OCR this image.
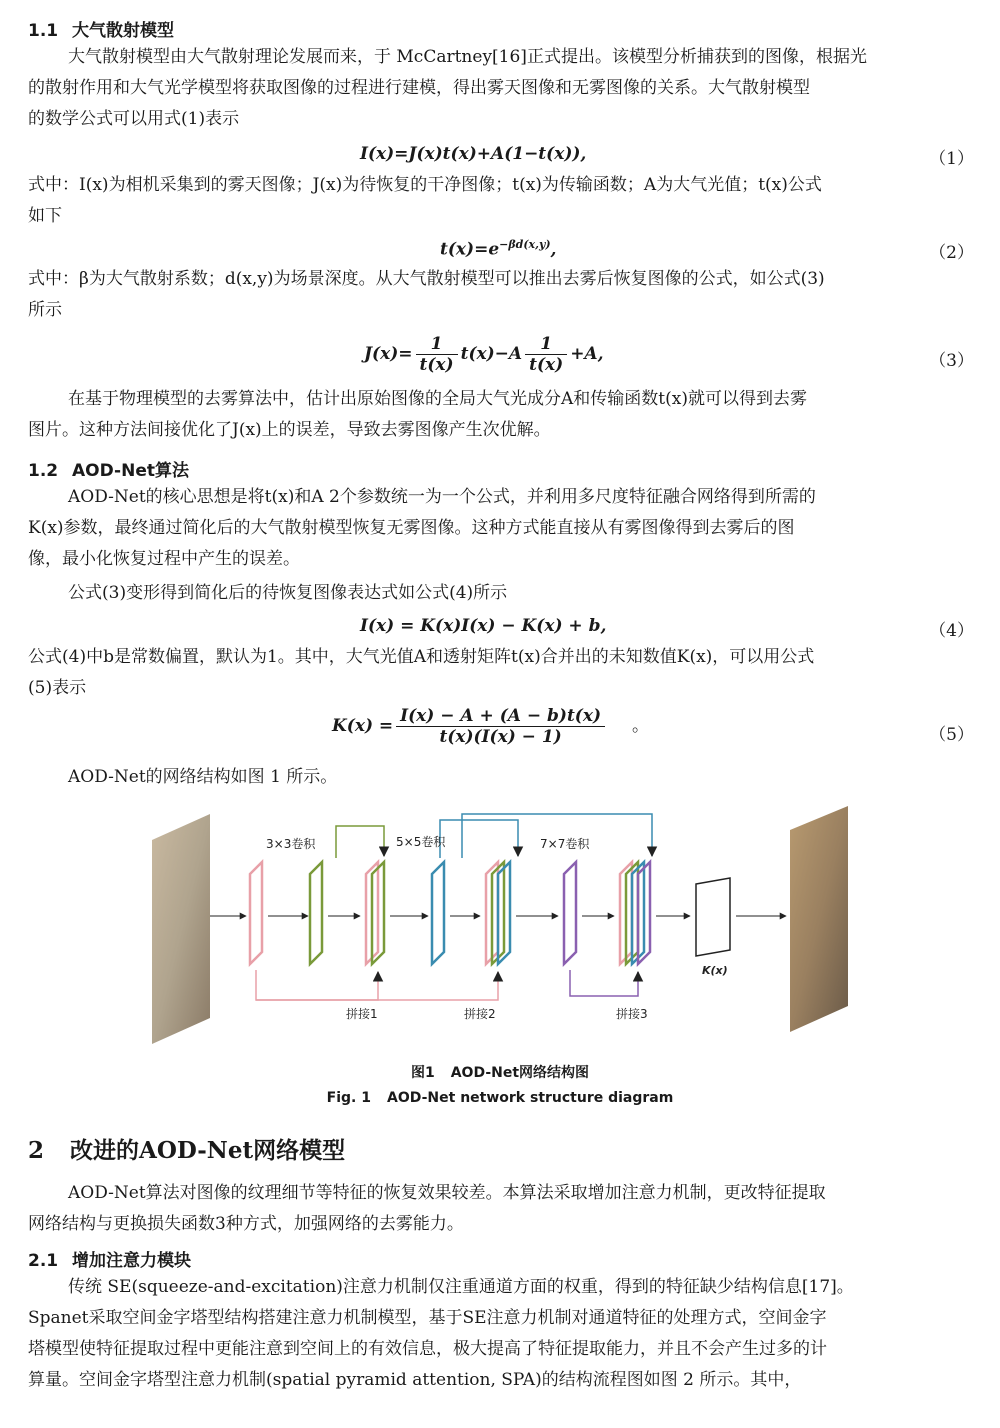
1.1 大气散射模型
大气散射模型由大气散射理论发展而来，于 McCartney[16]正式提出。该模型分析捕获到的图像，根据光
的散射作用和大气光学模型将获取图像的过程进行建模，得出雾天图像和无雾图像的关系。大气散射模型
的数学公式可以用式(1)表示
I(x)=J(x)t(x)+A(1−t(x)),	（1）
式中：I(x)为相机采集到的雾天图像；J(x)为待恢复的干净图像；t(x)为传输函数；A为大气光值；t(x)公式
如下
$t(x)=e^{-\beta d(x,y)}$,	（2）
式中：β为大气散射系数；d(x,y)为场景深度。从大气散射模型可以推出去雾后恢复图像的公式，如公式(3)
所示
$J(x)= \frac{1}{t(x)} t(x)-A \frac{1}{t(x)} +A$,	（3）
在基于物理模型的去雾算法中，估计出原始图像的全局大气光成分A和传输函数t(x)就可以得到去雾
图片。这种方法间接优化了J(x)上的误差，导致去雾图像产生次优解。
1.2 AOD-Net算法
AOD-Net的核心思想是将t(x)和A 2个参数统一为一个公式，并利用多尺度特征融合网络得到所需的
K(x)参数，最终通过简化后的大气散射模型恢复无雾图像。这种方式能直接从有雾图像得到去雾后的图
像，最小化恢复过程中产生的误差。
公式(3)变形得到简化后的待恢复图像表达式如公式(4)所示
I(x) = K(x)I(x) − K(x) + b,	（4）
公式(4)中b是常数偏置，默认为1。其中，大气光值A和透射矩阵t(x)合并出的未知数值K(x)，可以用公式
(5)表示
$K(x) = \frac{I(x) - A + (A - b)t(x)}{t(x)(I(x) - 1)}$ 。	（5）
AOD-Net的网络结构如图 1 所示。
3×3卷积	5×5卷积	7×7卷积
拼接1	拼接2	拼接3
K(x)
图1 AOD-Net网络结构图
Fig. 1 AOD-Net network structure diagram
2 改进的AOD-Net网络模型
AOD-Net算法对图像的纹理细节等特征的恢复效果较差。本算法采取增加注意力机制，更改特征提取
网络结构与更换损失函数3种方式，加强网络的去雾能力。
2.1 增加注意力模块
传统 SE(squeeze-and-excitation)注意力机制仅注重通道方面的权重，得到的特征缺少结构信息[17]。
Spanet采取空间金字塔型结构搭建注意力机制模型，基于SE注意力机制对通道特征的处理方式，空间金字
塔模型使特征提取过程中更能注意到空间上的有效信息，极大提高了特征提取能力，并且不会产生过多的计
算量。空间金字塔型注意力机制(spatial pyramid attention, SPA)的结构流程图如图 2 所示。其中，
